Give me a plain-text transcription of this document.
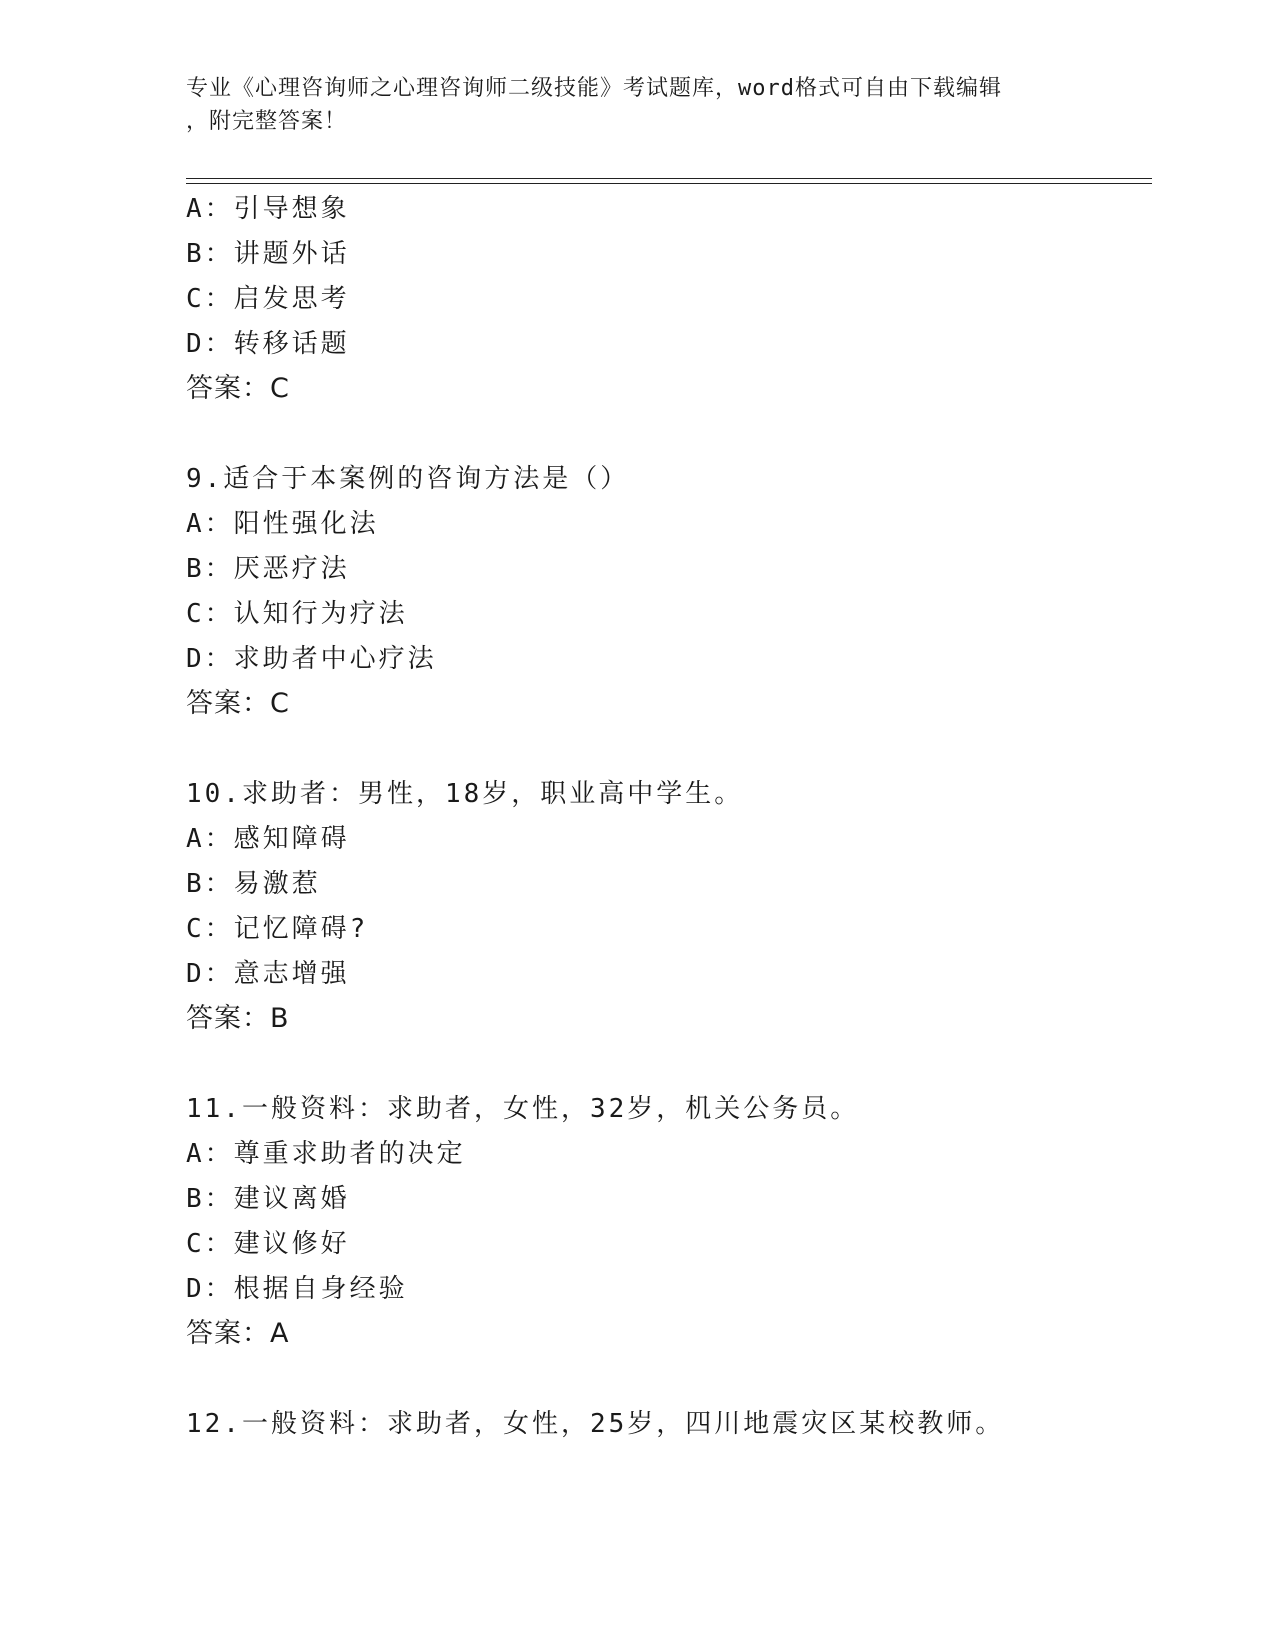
专业《心理咨询师之心理咨询师二级技能》考试题库，word格式可自由下载编辑
，附完整答案！
A：引导想象
B：讲题外话
C：启发思考
D：转移话题
答案：C
9.适合于本案例的咨询方法是（）
A：阳性强化法
B：厌恶疗法
C：认知行为疗法
D：求助者中心疗法
答案：C
10.求助者：男性，18岁，职业高中学生。
A：感知障碍
B：易激惹
C：记忆障碍?
D：意志增强
答案：B
11.一般资料：求助者，女性，32岁，机关公务员。
A：尊重求助者的决定
B：建议离婚
C：建议修好
D：根据自身经验
答案：A
12.一般资料：求助者，女性，25岁，四川地震灾区某校教师。
